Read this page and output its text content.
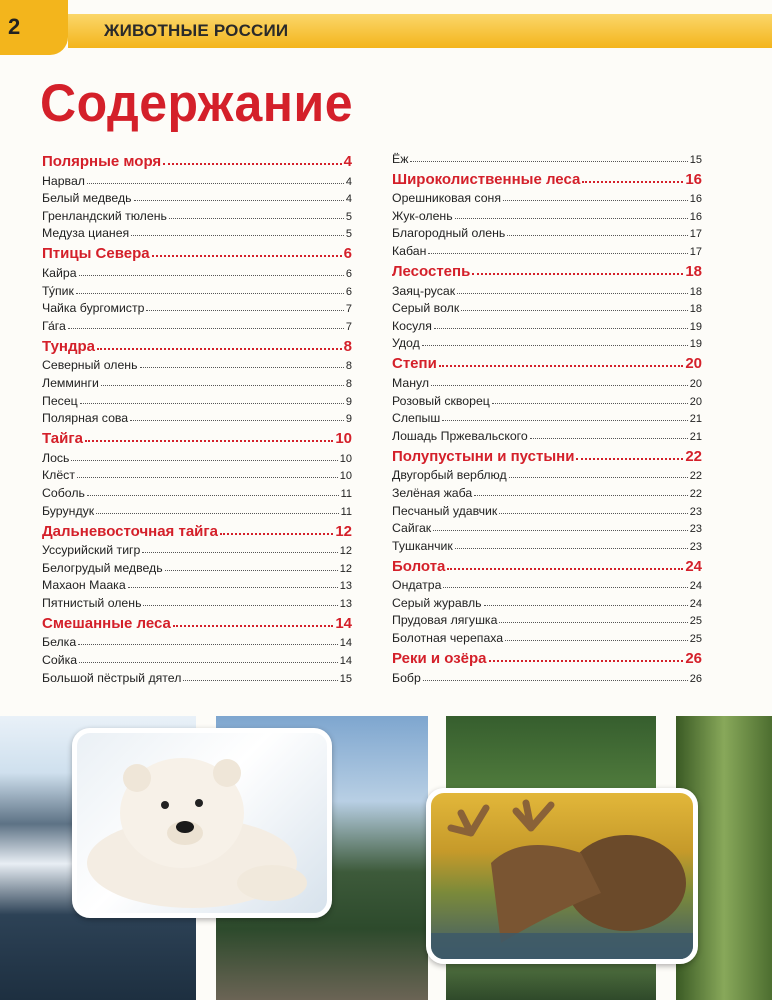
2	ЖИВОТНЫЕ РОССИИ
Содержание
Полярные моря	4
Нарвал	4
Белый медведь	4
Гренландский тюлень	5
Медуза цианея	5
Птицы Севера	6
Кайра	6
Ту́пик	6
Чайка бургомистр	7
Га́га	7
Тундра	8
Северный олень	8
Лемминги	8
Песец	9
Полярная сова	9
Тайга	10
Лось	10
Клёст	10
Соболь	11
Бурундук	11
Дальневосточная тайга	12
Уссурийский тигр	12
Белогрудый медведь	12
Махаон Маака	13
Пятнистый олень	13
Смешанные леса	14
Белка	14
Сойка	14
Большой пёстрый дятел	15
Ёж	15
Широколиственные леса	16
Орешниковая соня	16
Жук-олень	16
Благородный олень	17
Кабан	17
Лесостепь	18
Заяц-русак	18
Серый волк	18
Косуля	19
Удод	19
Степи	20
Манул	20
Розовый скворец	20
Слепыш	21
Лошадь Пржевальского	21
Полупустыни и пустыни	22
Двугорбый верблюд	22
Зелёная жаба	22
Песчаный удавчик	23
Сайгак	23
Тушканчик	23
Болота	24
Ондатра	24
Серый журавль	24
Прудовая лягушка	25
Болотная черепаха	25
Реки и озёра	26
Бобр	26
